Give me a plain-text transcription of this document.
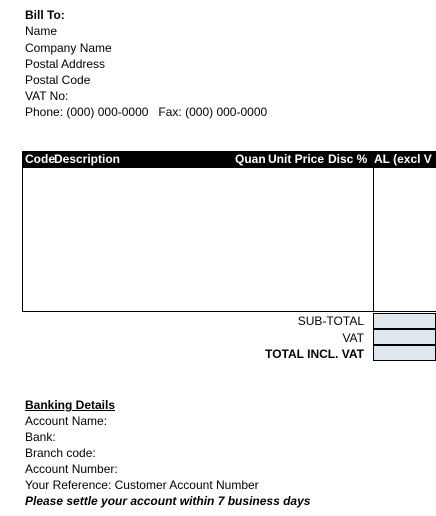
Bill To:
Name
Company Name
Postal Address
Postal Code
VAT No:
Phone: (000) 000-0000   Fax: (000) 000-0000
Code
Description	Quan Unit Price Disc % AL (excl V
SUB-TOTAL
VAT
TOTAL INCL. VAT
Banking Details
Account Name:
Bank:
Branch code:
Account Number:
Your Reference: Customer Account Number
Please settle your account within 7 business days
